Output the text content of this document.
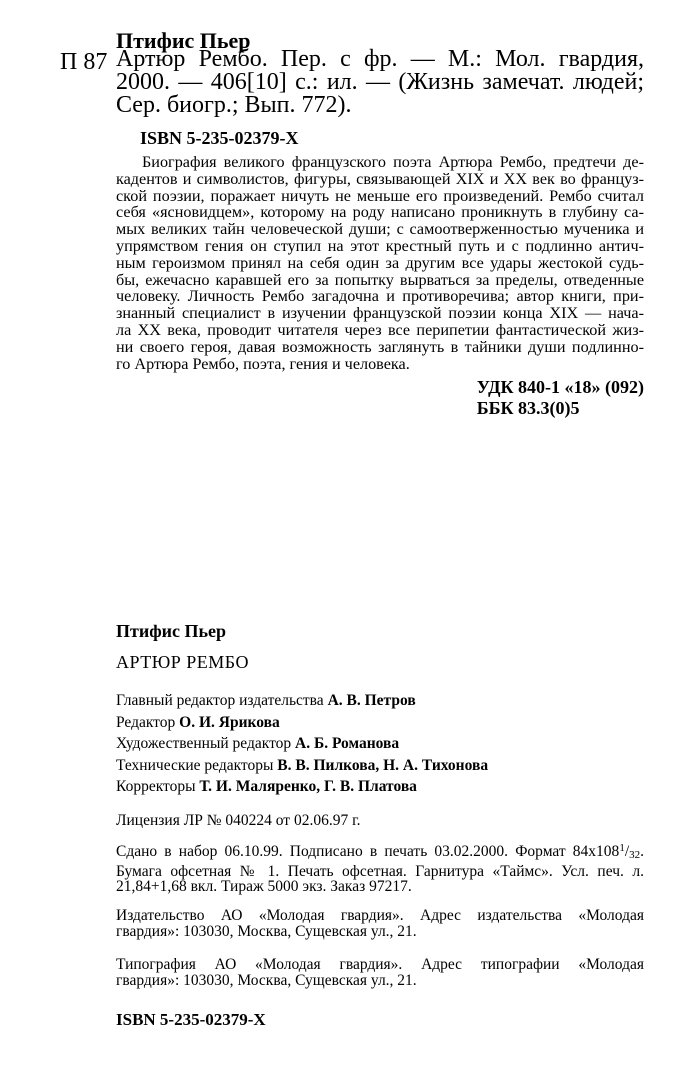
Птифис Пьер
П 87 Артюр Рембо. Пер. с фр. — М.: Мол. гвардия,
2000. — 406[10] с.: ил. — (Жизнь замечат. людей;
Сер. биогр.; Вып. 772).
ISBN 5-235-02379-X
Биография великого французского поэта Артюра Рембо, предтечи де-
кадентов и символистов, фигуры, связывающей XIX и XX век во француз-
ской поэзии, поражает ничуть не меньше его произведений. Рембо считал
себя «ясновидцем», которому на роду написано проникнуть в глубину са-
мых великих тайн человеческой души; с самоотверженностью мученика и
упрямством гения он ступил на этот крестный путь и с подлинно антич-
ным героизмом принял на себя один за другим все удары жестокой судь-
бы, ежечасно каравшей его за попытку вырваться за пределы, отведенные
человеку. Личность Рембо загадочна и противоречива; автор книги, при-
знанный специалист в изучении французской поэзии конца XIX — нача-
ла XX века, проводит читателя через все перипетии фантастической жиз-
ни своего героя, давая возможность заглянуть в тайники души подлинно-
го Артюра Рембо, поэта, гения и человека.
УДК 840-1 «18» (092)
ББК 83.3(0)5
Птифис Пьер
АРТЮР РЕМБО
Главный редактор издательства А. В. Петров
Редактор О. И. Ярикова
Художественный редактор А. Б. Романова
Технические редакторы В. В. Пилкова, Н. А. Тихонова
Корректоры Т. И. Маляренко, Г. В. Платова
Лицензия ЛР № 040224 от 02.06.97 г.
Сдано в набор 06.10.99. Подписано в печать 03.02.2000. Формат $84x108^1/32$.
Бумага офсетная № 1. Печать офсетная. Гарнитура «Таймс». Усл. печ. л.
21,84+1,68 вкл. Тираж 5000 экз. Заказ 97217.
Издательство АО «Молодая гвардия». Адрес издательства «Молодая
гвардия»: 103030, Москва, Сущевская ул., 21.
Типография АО «Молодая гвардия». Адрес типографии «Молодая
гвардия»: 103030, Москва, Сущевская ул., 21.
ISBN 5-235-02379-X
